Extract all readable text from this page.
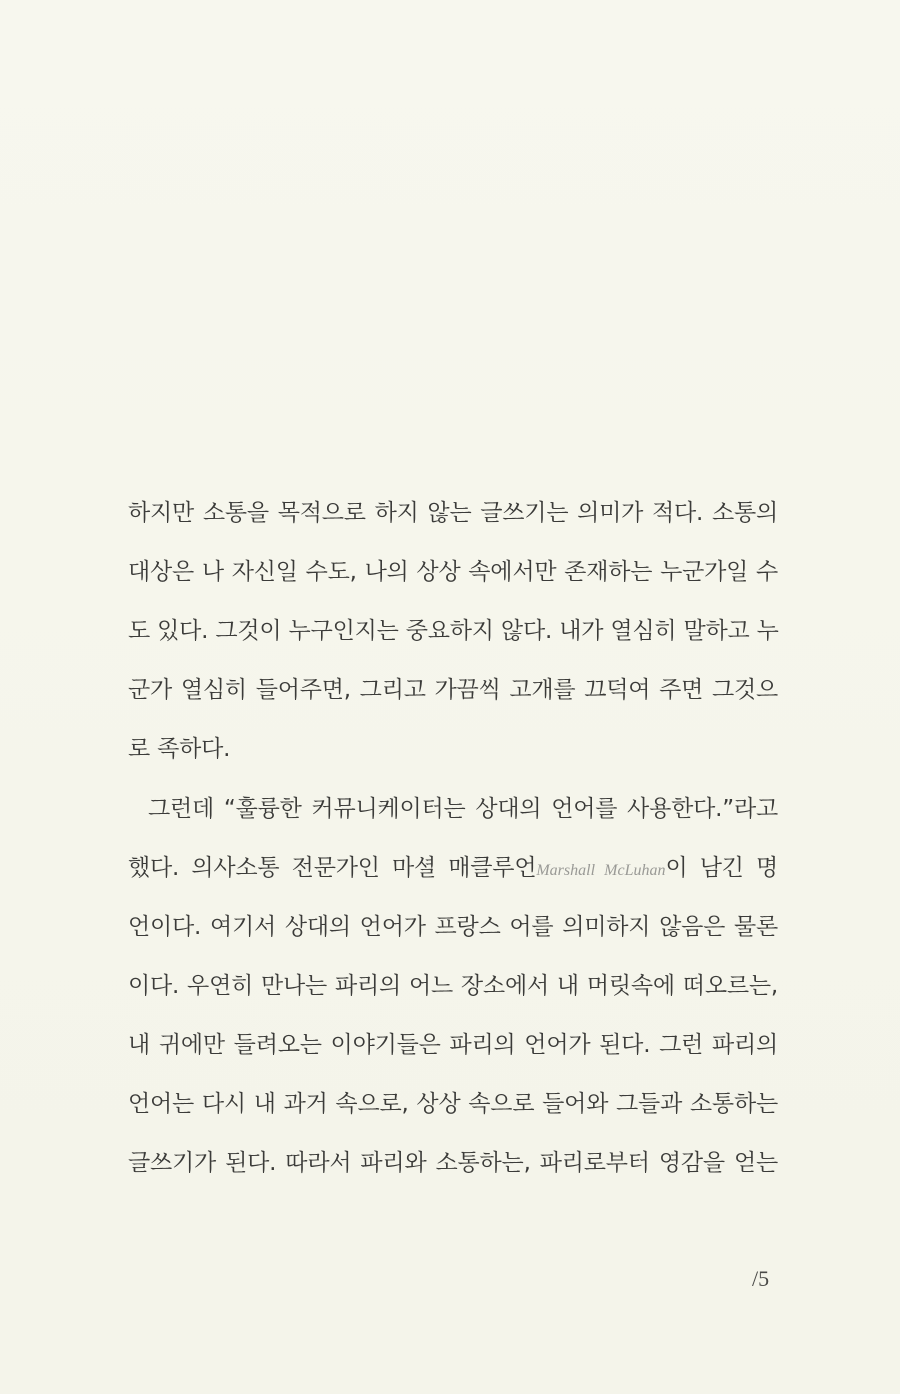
하지만 소통을 목적으로 하지 않는 글쓰기는 의미가 적다. 소통의
대상은 나 자신일 수도, 나의 상상 속에서만 존재하는 누군가일 수
도 있다. 그것이 누구인지는 중요하지 않다. 내가 열심히 말하고 누
군가 열심히 들어주면, 그리고 가끔씩 고개를 끄덕여 주면 그것으
로 족하다.
그런데 “훌륭한 커뮤니케이터는 상대의 언어를 사용한다.”라고
했다. 의사소통 전문가인 마셜 매클루언Marshall McLuhan이 남긴 명
언이다. 여기서 상대의 언어가 프랑스 어를 의미하지 않음은 물론
이다. 우연히 만나는 파리의 어느 장소에서 내 머릿속에 떠오르는,
내 귀에만 들려오는 이야기들은 파리의 언어가 된다. 그런 파리의
언어는 다시 내 과거 속으로, 상상 속으로 들어와 그들과 소통하는
글쓰기가 된다. 따라서 파리와 소통하는, 파리로부터 영감을 얻는
/5
